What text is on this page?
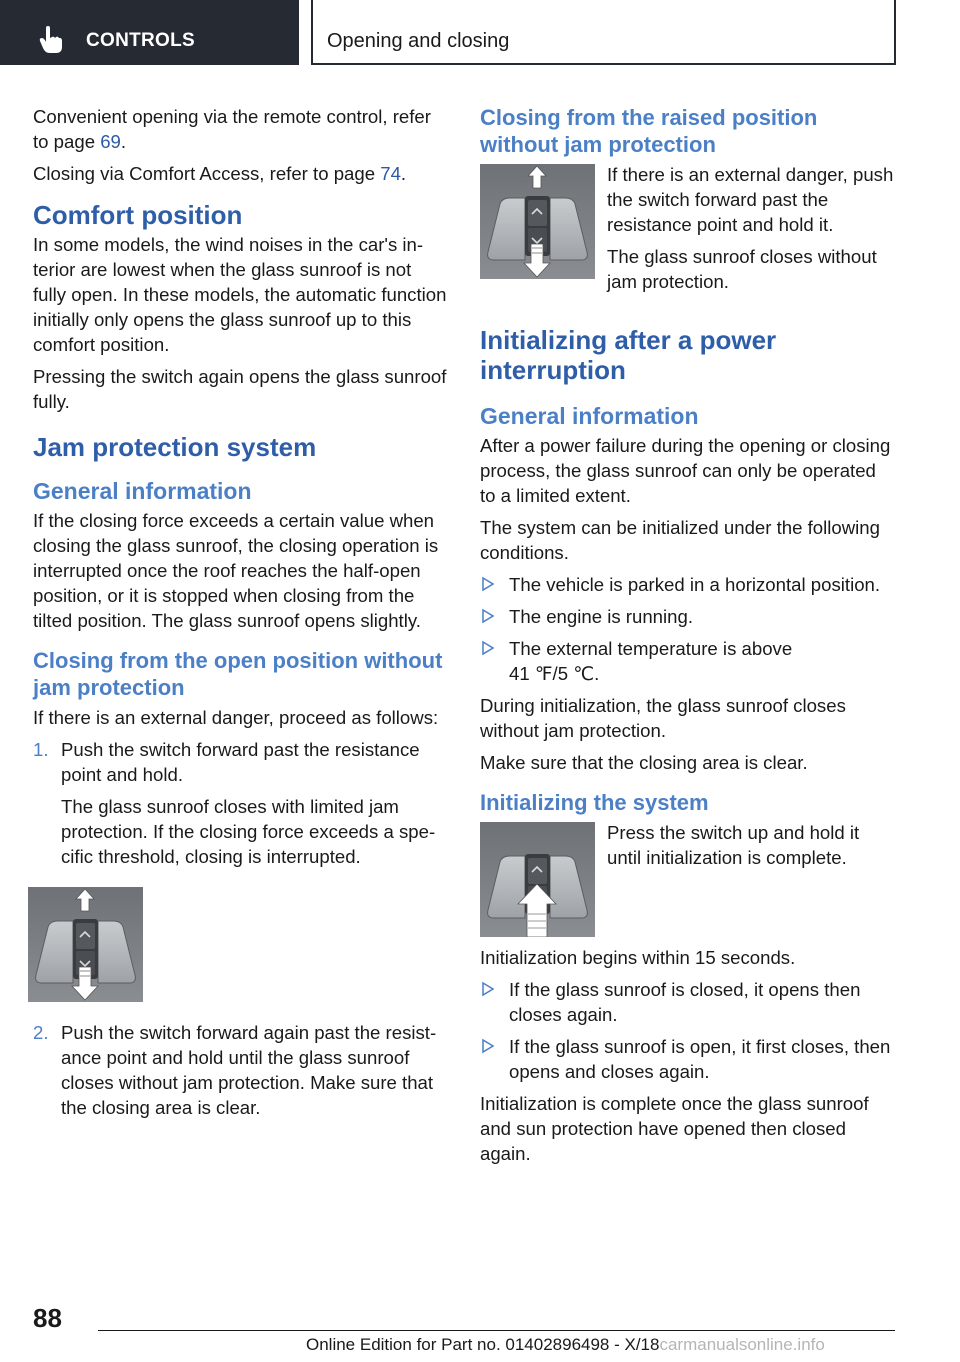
CONTROLS	Opening and closing

Convenient opening via the remote control, refer to page 69.

Closing via Comfort Access, refer to page 74.

Comfort position

In some models, the wind noises in the car's interior are lowest when the glass sunroof is not fully open. In these models, the automatic function initially only opens the glass sunroof up to this comfort position.

Pressing the switch again opens the glass sunroof fully.

Jam protection system
General information

If the closing force exceeds a certain value when closing the glass sunroof, the closing operation is interrupted once the roof reaches the half-open position, or it is stopped when closing from the tilted position. The glass sunroof opens slightly.

Closing from the open position without jam protection

If there is an external danger, proceed as follows:

1. Push the switch forward past the resistance point and hold.

The glass sunroof closes with limited jam protection. If the closing force exceeds a specific threshold, closing is interrupted.

2. Push the switch forward again past the resistance point and hold until the glass sunroof closes without jam protection. Make sure that the closing area is clear.

Closing from the raised position without jam protection

If there is an external danger, push the switch forward past the resistance point and hold it.

The glass sunroof closes without jam protection.

Initializing after a power interruption
General information

After a power failure during the opening or closing process, the glass sunroof can only be operated to a limited extent.

The system can be initialized under the following conditions.

The vehicle is parked in a horizontal position.

The engine is running.

The external temperature is above 41 ℉/5 ℃.

During initialization, the glass sunroof closes without jam protection.

Make sure that the closing area is clear.

Initializing the system

Press the switch up and hold it until initialization is complete.

Initialization begins within 15 seconds.

If the glass sunroof is closed, it opens then closes again.

If the glass sunroof is open, it first closes, then opens and closes again.

Initialization is complete once the glass sunroof and sun protection have opened then closed again.

88
Online Edition for Part no. 01402896498 - X/18carmanualsonline.info
